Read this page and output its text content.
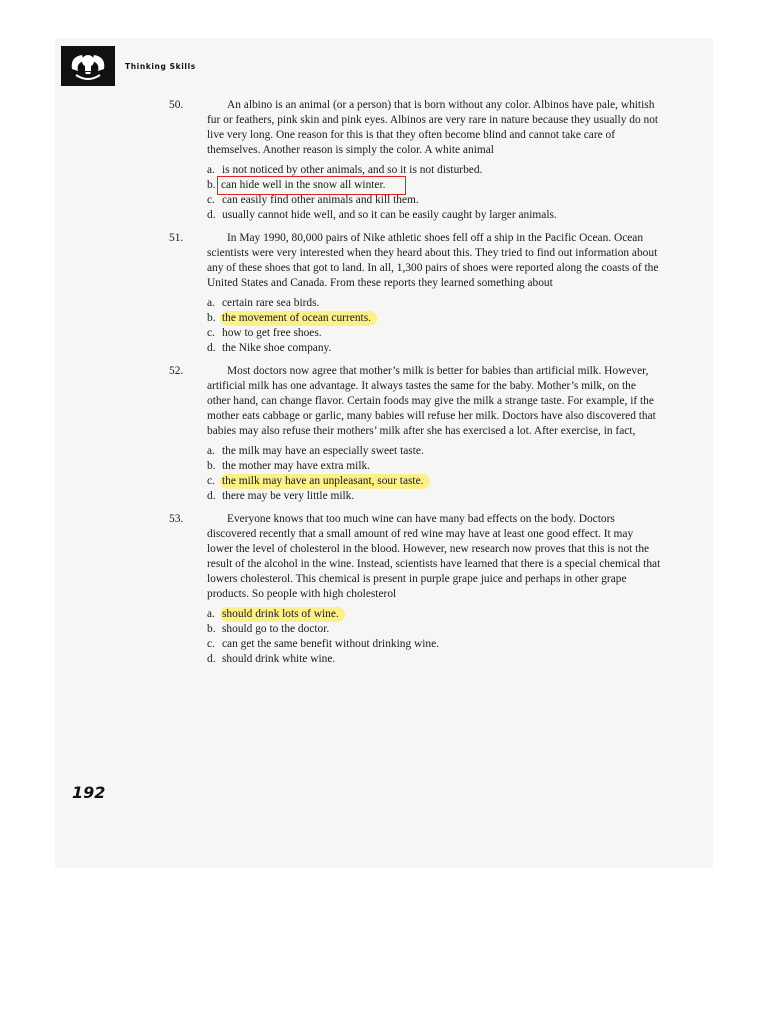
Thinking Skills
50.	An albino is an animal (or a person) that is born without any color. Albinos have pale, whitish fur or feathers, pink skin and pink eyes. Albinos are very rare in nature because they usually do not live very long. One reason for this is that they often become blind and cannot take care of themselves. Another reason is simply the color. A white animal
a. is not noticed by other animals, and so it is not disturbed.
b. can hide well in the snow all winter.
c. can easily find other animals and kill them.
d. usually cannot hide well, and so it can be easily caught by larger animals.
51.	In May 1990, 80,000 pairs of Nike athletic shoes fell off a ship in the Pacific Ocean. Ocean scientists were very interested when they heard about this. They tried to find out information about any of these shoes that got to land. In all, 1,300 pairs of shoes were reported along the coasts of the United States and Canada. From these reports they learned something about
a. certain rare sea birds.
b. the movement of ocean currents.
c. how to get free shoes.
d. the Nike shoe company.
52.	Most doctors now agree that mother’s milk is better for babies than artificial milk. However, artificial milk has one advantage. It always tastes the same for the baby. Mother’s milk, on the other hand, can change flavor. Certain foods may give the milk a strange taste. For example, if the mother eats cabbage or garlic, many babies will refuse her milk. Doctors have also discovered that babies may also refuse their mothers’ milk after she has exercised a lot. After exercise, in fact,
a. the milk may have an especially sweet taste.
b. the mother may have extra milk.
c. the milk may have an unpleasant, sour taste.
d. there may be very little milk.
53.	Everyone knows that too much wine can have many bad effects on the body. Doctors discovered recently that a small amount of red wine may have at least one good effect. It may lower the level of cholesterol in the blood. However, new research now proves that this is not the result of the alcohol in the wine. Instead, scientists have learned that there is a special chemical that lowers cholesterol. This chemical is present in purple grape juice and perhaps in other grape products. So people with high cholesterol
a. should drink lots of wine.
b. should go to the doctor.
c. can get the same benefit without drinking wine.
d. should drink white wine.
192
